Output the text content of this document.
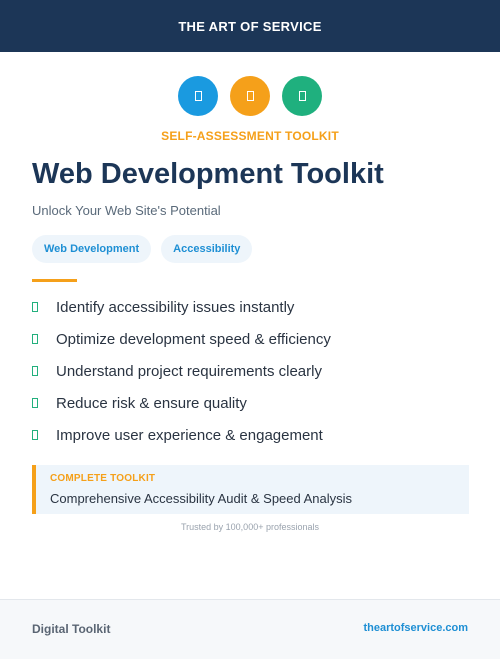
THE ART OF SERVICE
SELF-ASSESSMENT TOOLKIT
Web Development Toolkit
Unlock Your Web Site's Potential
Web Development	Accessibility
Identify accessibility issues instantly
Optimize development speed & efficiency
Understand project requirements clearly
Reduce risk & ensure quality
Improve user experience & engagement
COMPLETE TOOLKIT
Comprehensive Accessibility Audit & Speed Analysis
Trusted by 100,000+ professionals
Digital Toolkit	theartofservice.com
